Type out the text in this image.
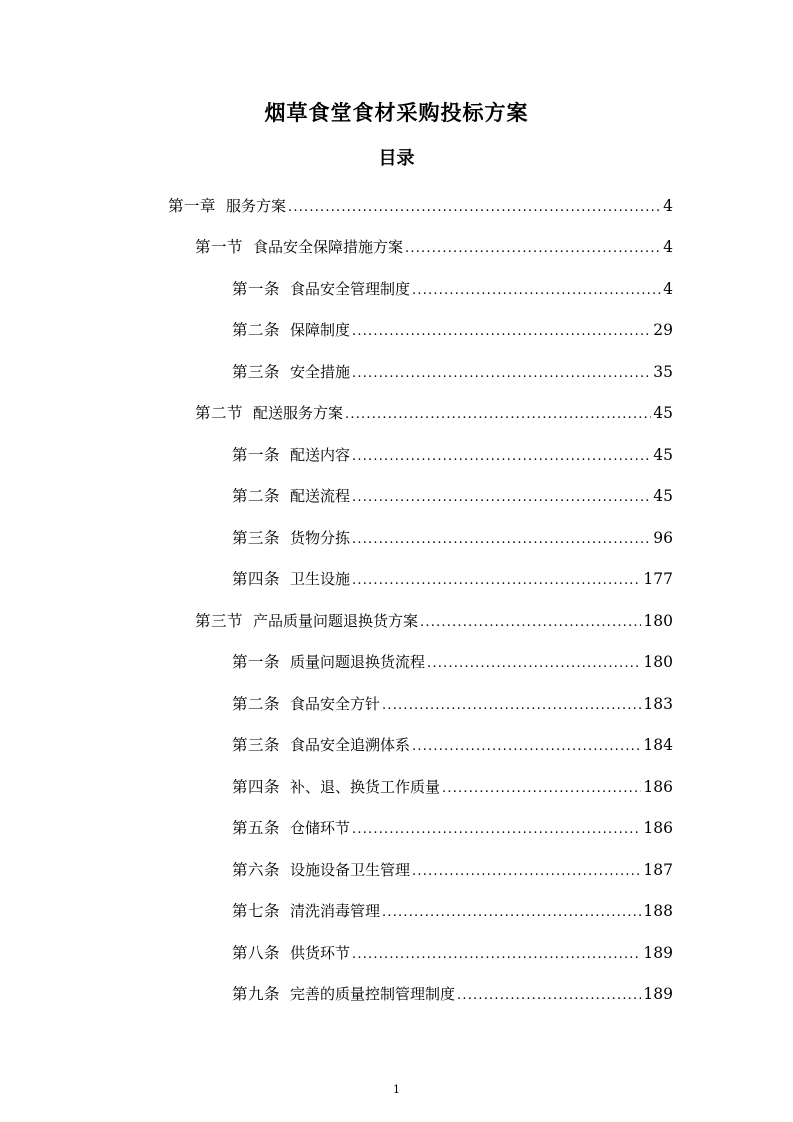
烟草食堂食材采购投标方案
目录
第一章 服务方案 .....	4
第一节 食品安全保障措施方案 .....	4
第一条 食品安全管理制度 .....	4
第二条 保障制度 .....	29
第三条 安全措施 .....	35
第二节 配送服务方案 .....	45
第一条 配送内容 .....	45
第二条 配送流程 .....	45
第三条 货物分拣 .....	96
第四条 卫生设施 .....	177
第三节 产品质量问题退换货方案 .....	180
第一条 质量问题退换货流程 .....	180
第二条 食品安全方针 .....	183
第三条 食品安全追溯体系 .....	184
第四条 补、退、换货工作质量 .....	186
第五条 仓储环节 .....	186
第六条 设施设备卫生管理 .....	187
第七条 清洗消毒管理 .....	188
第八条 供货环节 .....	189
第九条 完善的质量控制管理制度 .....	189
1
